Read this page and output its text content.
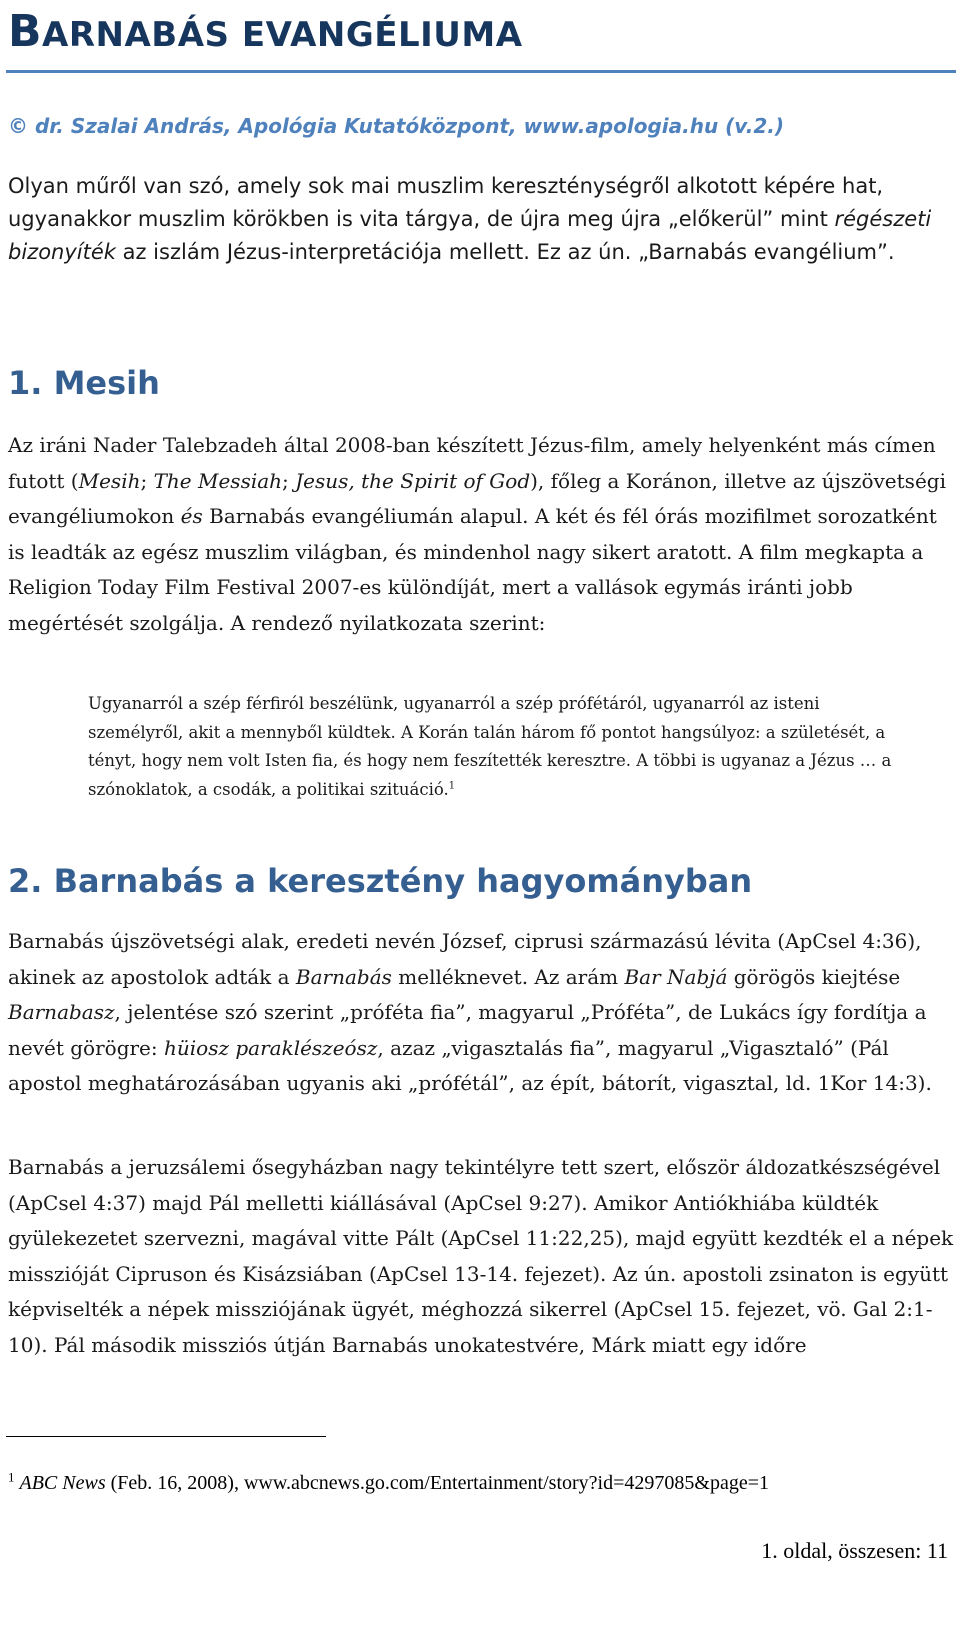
BARNABÁS EVANGÉLIUMA

© dr. Szalai András, Apológia Kutatóközpont, www.apologia.hu (v.2.)

Olyan műről van szó, amely sok mai muszlim kereszténységről alkotott képére hat, ugyanakkor muszlim körökben is vita tárgya, de újra meg újra „előkerül” mint régészeti bizonyíték az iszlám Jézus-interpretációja mellett. Ez az ún. „Barnabás evangélium”.

1. Mesih

Az iráni Nader Talebzadeh által 2008-ban készített Jézus-film, amely helyenként más címen futott (Mesih; The Messiah; Jesus, the Spirit of God), főleg a Koránon, illetve az újszövetségi evangéliumokon és Barnabás evangéliumán alapul. A két és fél órás mozifilmet sorozatként is leadták az egész muszlim világban, és mindenhol nagy sikert aratott. A film megkapta a Religion Today Film Festival 2007-es különdíját, mert a vallások egymás iránti jobb megértését szolgálja. A rendező nyilatkozata szerint:

Ugyanarról a szép férfiról beszélünk, ugyanarról a szép prófétáról, ugyanarról az isteni személyről, akit a mennyből küldtek. A Korán talán három fő pontot hangsúlyoz: a születését, a tényt, hogy nem volt Isten fia, és hogy nem feszítették keresztre. A többi is ugyanaz a Jézus … a szónoklatok, a csodák, a politikai szituáció.$^1$
2. Barnabás a keresztény hagyományban

Barnabás újszövetségi alak, eredeti nevén József, ciprusi származású lévita (ApCsel 4:36), akinek az apostolok adták a Barnabás melléknevet. Az arám Bar Nabjá görögös kiejtése Barnabasz, jelentése szó szerint „próféta fia”, magyarul „Próféta”, de Lukács így fordítja a nevét görögre: hüiosz paraklészeósz, azaz „vigasztalás fia”, magyarul „Vigasztaló” (Pál apostol meghatározásában ugyanis aki „prófétál”, az épít, bátorít, vigasztal, ld. 1Kor 14:3).

Barnabás a jeruzsálemi ősegyházban nagy tekintélyre tett szert, először áldozatkészségével (ApCsel 4:37) majd Pál melletti kiállásával (ApCsel 9:27). Amikor Antiókhiába küldték gyülekezetet szervezni, magával vitte Pált (ApCsel 11:22,25), majd együtt kezdték el a népek misszióját Cipruson és Kisázsiában (ApCsel 13-14. fejezet). Az ún. apostoli zsinaton is együtt képviselték a népek missziójának ügyét, méghozzá sikerrel (ApCsel 15. fejezet, vö. Gal 2:1-10). Pál második missziós útján Barnabás unokatestvére, Márk miatt egy időre

$^1$ ABC News (Feb. 16, 2008), www.abcnews.go.com/Entertainment/story?id=4297085&page=1

1. oldal, összesen: 11
